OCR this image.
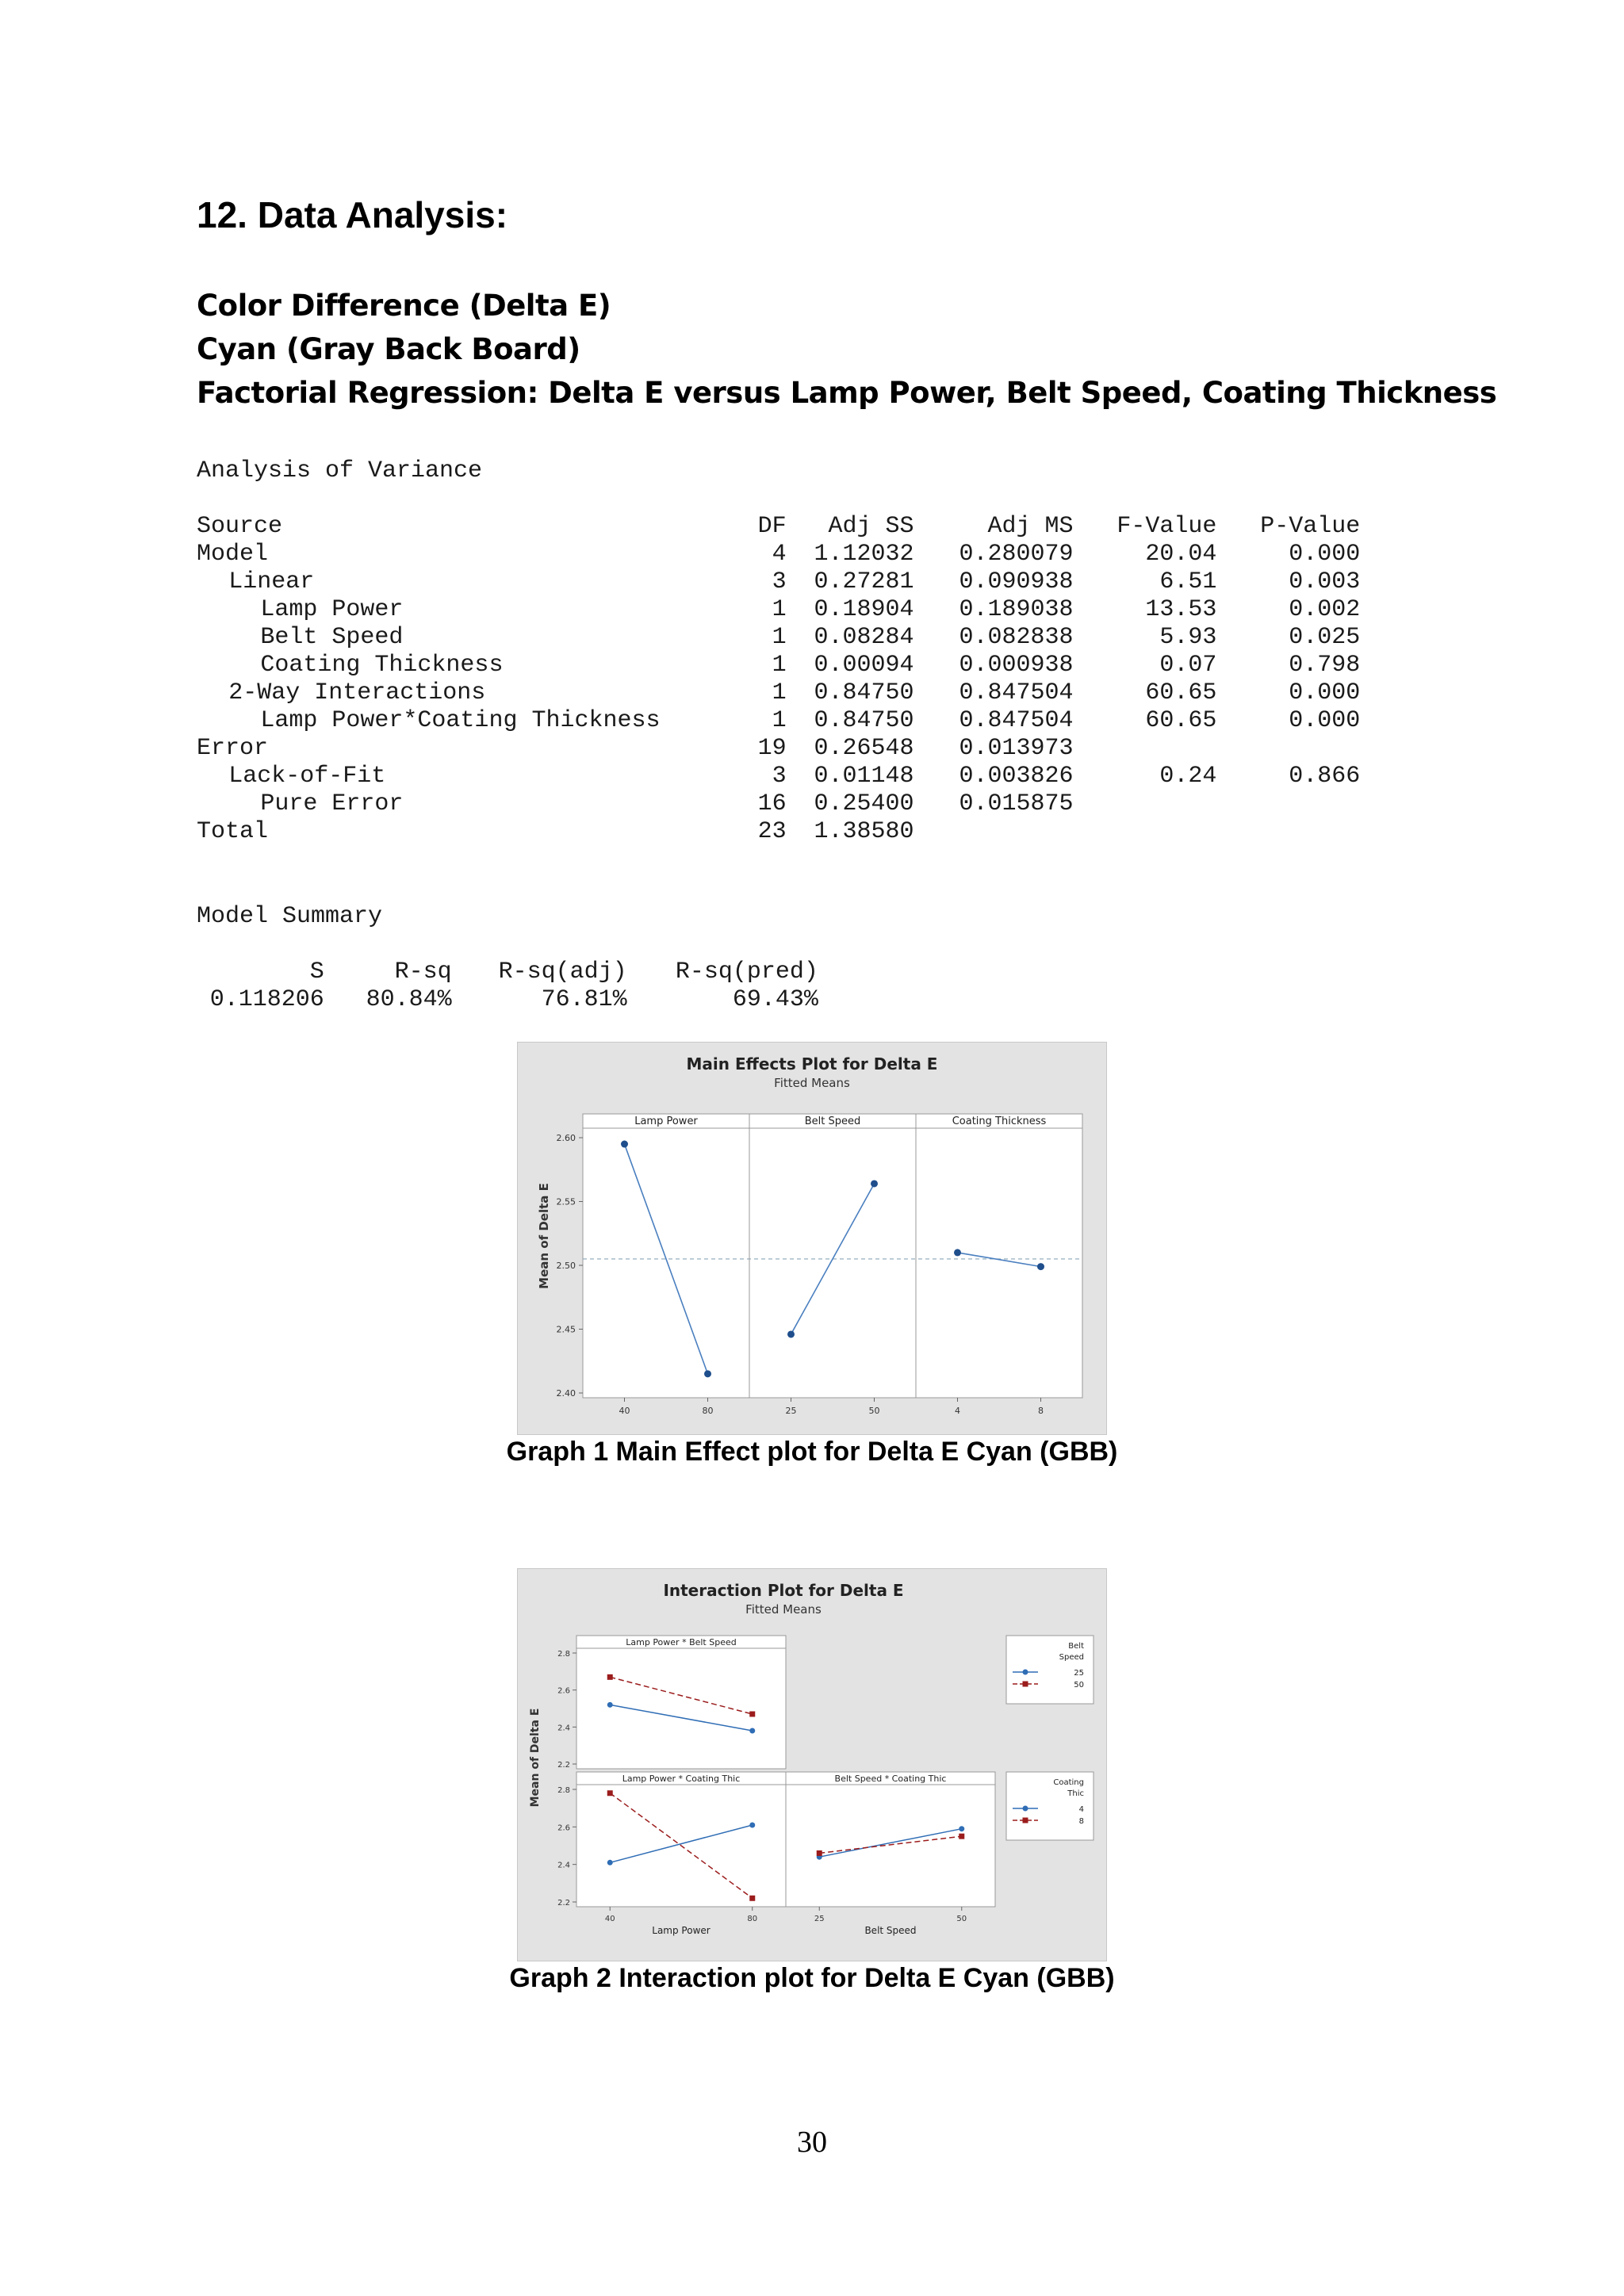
12. Data Analysis:
Color Difference (Delta E)
Cyan (Gray Back Board)
Factorial Regression: Delta E versus Lamp Power, Belt Speed, Coating Thickness
Analysis of Variance
Source	DF	Adj SS	Adj MS	F-Value	P-Value
Model	4	1.12032	0.280079	20.04	0.000
Linear	3	0.27281	0.090938	6.51	0.003
Lamp Power	1	0.18904	0.189038	13.53	0.002
Belt Speed	1	0.08284	0.082838	5.93	0.025
Coating Thickness	1	0.00094	0.000938	0.07	0.798
2-Way Interactions	1	0.84750	0.847504	60.65	0.000
Lamp Power*Coating Thickness	1	0.84750	0.847504	60.65	0.000
Error	19	0.26548	0.013973
Lack-of-Fit	3	0.01148	0.003826	0.24	0.866
Pure Error	16	0.25400	0.015875
Total	23	1.38580
Model Summary
S	R-sq	R-sq(adj)	R-sq(pred)
0.118206	80.84%	76.81%	69.43%
Main Effects Plot for Delta E
Fitted Means
Mean of Delta E
2.40
2.45
2.50
2.55
2.60
Lamp Power
40	80
Belt Speed
25	50
Coating Thickness
4	8

Graph 1 Main Effect plot for Delta E Cyan (GBB)

Interaction Plot for Delta E
Fitted Means
Mean of Delta E
Lamp Power * Belt Speed
2.2
2.4
2.6
2.8
Lamp Power * Coating Thic
2.2
2.4
2.6
2.8
40	80
Lamp Power
Belt Speed * Coating Thic
25	50
Belt Speed
Belt
Speed
25
50
Coating
Thic
4
8

Graph 2 Interaction plot for Delta E Cyan (GBB)

30
